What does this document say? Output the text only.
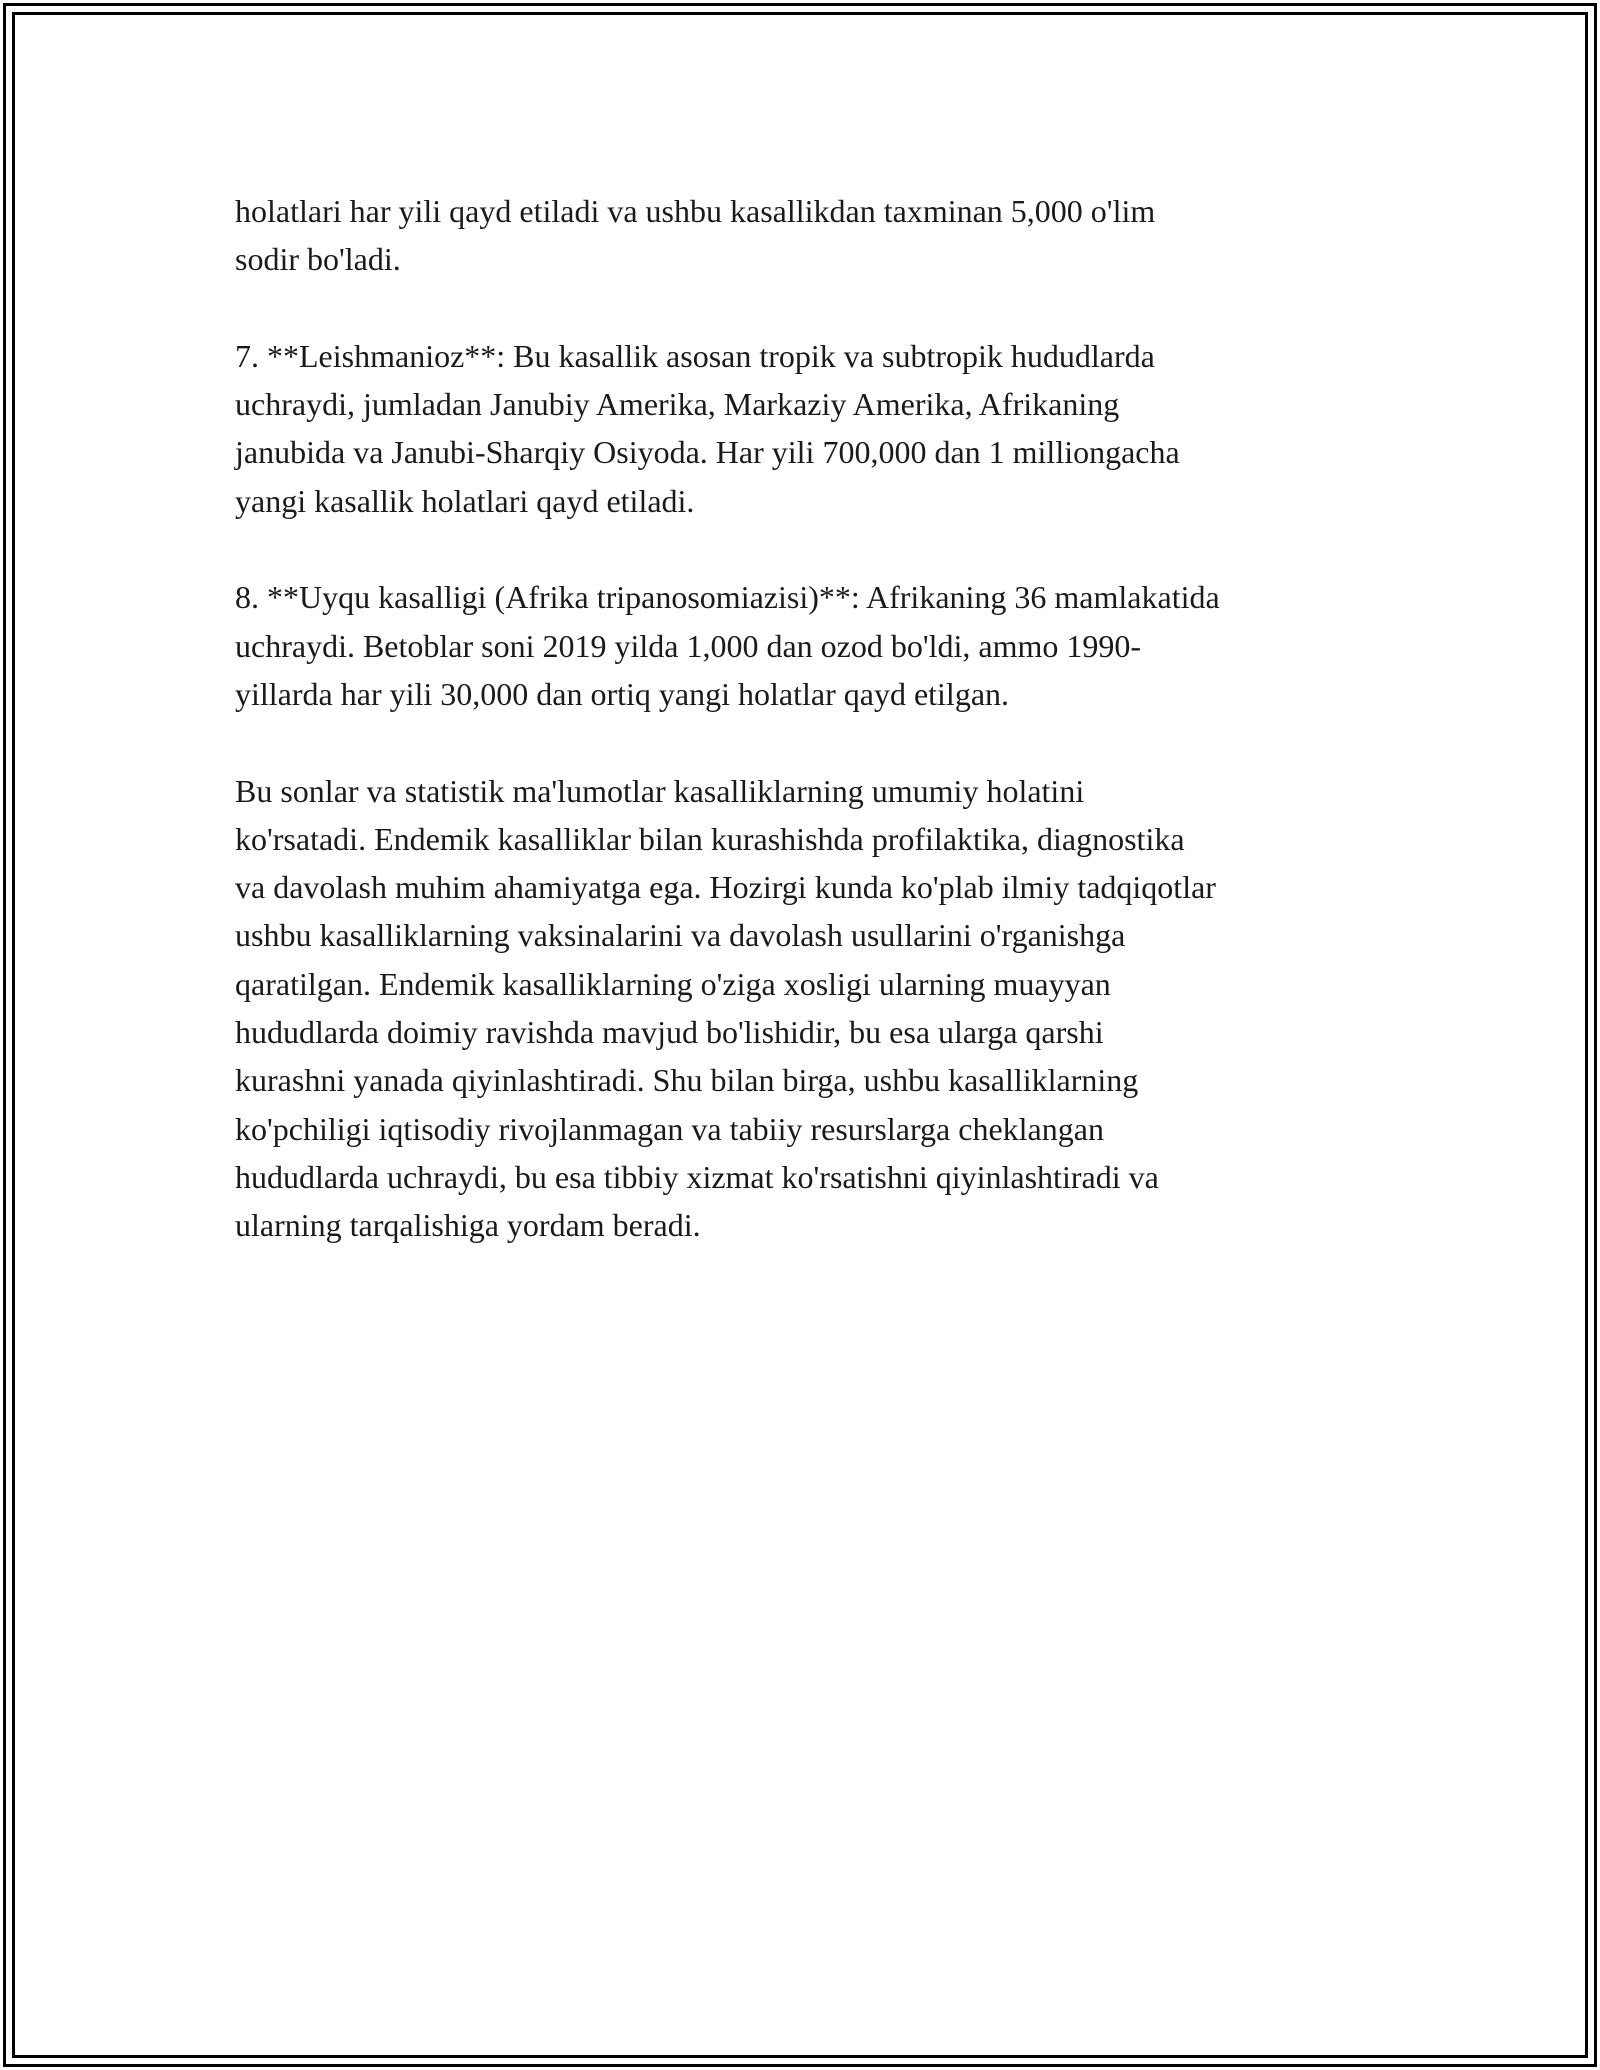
holatlari har yili qayd etiladi va ushbu kasallikdan taxminan 5,000 o'lim
sodir bo'ladi.

7. **Leishmanioz**: Bu kasallik asosan tropik va subtropik hududlarda
uchraydi, jumladan Janubiy Amerika, Markaziy Amerika, Afrikaning
janubida va Janubi-Sharqiy Osiyoda. Har yili 700,000 dan 1 milliongacha
yangi kasallik holatlari qayd etiladi.

8. **Uyqu kasalligi (Afrika tripanosomiazisi)**: Afrikaning 36 mamlakatida
uchraydi. Betoblar soni 2019 yilda 1,000 dan ozod bo'ldi, ammo 1990-
yillarda har yili 30,000 dan ortiq yangi holatlar qayd etilgan.

Bu sonlar va statistik ma'lumotlar kasalliklarning umumiy holatini
ko'rsatadi. Endemik kasalliklar bilan kurashishda profilaktika, diagnostika
va davolash muhim ahamiyatga ega. Hozirgi kunda ko'plab ilmiy tadqiqotlar
ushbu kasalliklarning vaksinalarini va davolash usullarini o'rganishga
qaratilgan. Endemik kasalliklarning o'ziga xosligi ularning muayyan
hududlarda doimiy ravishda mavjud bo'lishidir, bu esa ularga qarshi
kurashni yanada qiyinlashtiradi. Shu bilan birga, ushbu kasalliklarning
ko'pchiligi iqtisodiy rivojlanmagan va tabiiy resurslarga cheklangan
hududlarda uchraydi, bu esa tibbiy xizmat ko'rsatishni qiyinlashtiradi va
ularning tarqalishiga yordam beradi.
